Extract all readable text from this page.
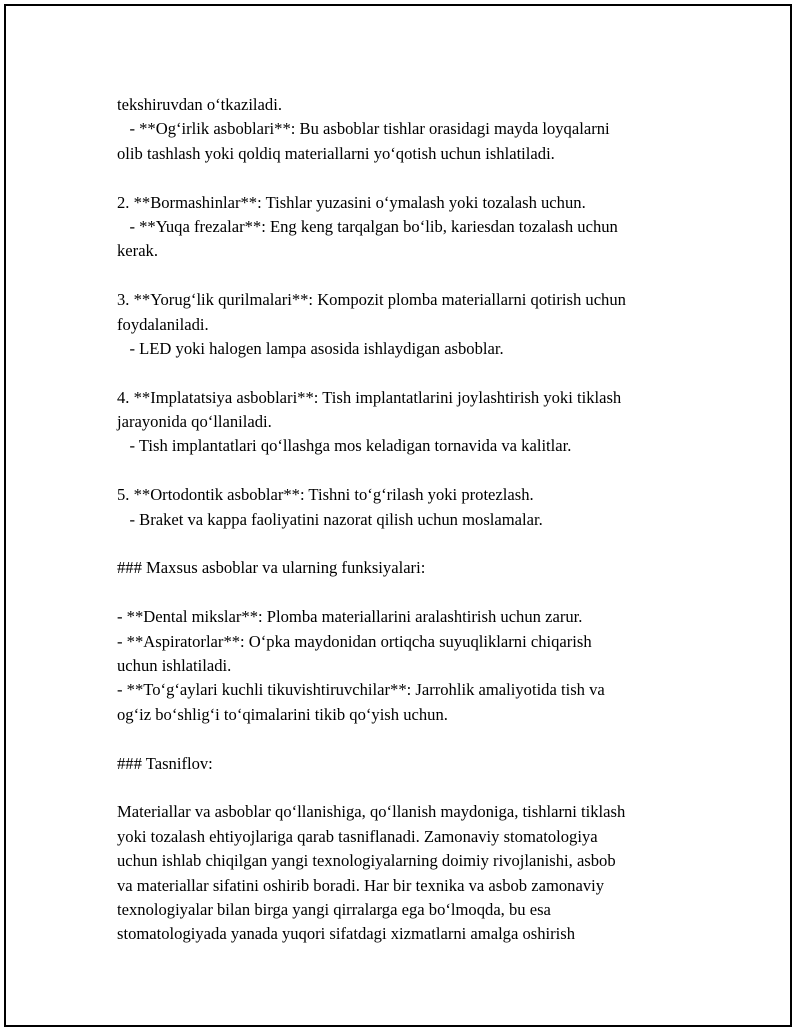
tekshiruvdan o‘tkaziladi.
- **Og‘irlik asboblari**: Bu asboblar tishlar orasidagi mayda loyqalarni
olib tashlash yoki qoldiq materiallarni yo‘qotish uchun ishlatiladi.
2. **Bormashinlar**: Tishlar yuzasini o‘ymalash yoki tozalash uchun.
- **Yuqa frezalar**: Eng keng tarqalgan bo‘lib, kariesdan tozalash uchun
kerak.
3. **Yorug‘lik qurilmalari**: Kompozit plomba materiallarni qotirish uchun
foydalaniladi.
- LED yoki halogen lampa asosida ishlaydigan asboblar.
4. **Implatatsiya asboblari**: Tish implantatlarini joylashtirish yoki tiklash
jarayonida qo‘llaniladi.
- Tish implantatlari qo‘llashga mos keladigan tornavida va kalitlar.
5. **Ortodontik asboblar**: Tishni to‘g‘rilash yoki protezlash.
- Braket va kappa faoliyatini nazorat qilish uchun moslamalar.
### Maxsus asboblar va ularning funksiyalari:
- **Dental mikslar**: Plomba materiallarini aralashtirish uchun zarur.
- **Aspiratorlar**: O‘pka maydonidan ortiqcha suyuqliklarni chiqarish
uchun ishlatiladi.
- **To‘g‘aylari kuchli tikuvishtiruvchilar**: Jarrohlik amaliyotida tish va
og‘iz bo‘shlig‘i to‘qimalarini tikib qo‘yish uchun.
### Tasniflov:
Materiallar va asboblar qo‘llanishiga, qo‘llanish maydoniga, tishlarni tiklash
yoki tozalash ehtiyojlariga qarab tasniflanadi. Zamonaviy stomatologiya
uchun ishlab chiqilgan yangi texnologiyalarning doimiy rivojlanishi, asbob
va materiallar sifatini oshirib boradi. Har bir texnika va asbob zamonaviy
texnologiyalar bilan birga yangi qirralarga ega bo‘lmoqda, bu esa
stomatologiyada yanada yuqori sifatdagi xizmatlarni amalga oshirish
